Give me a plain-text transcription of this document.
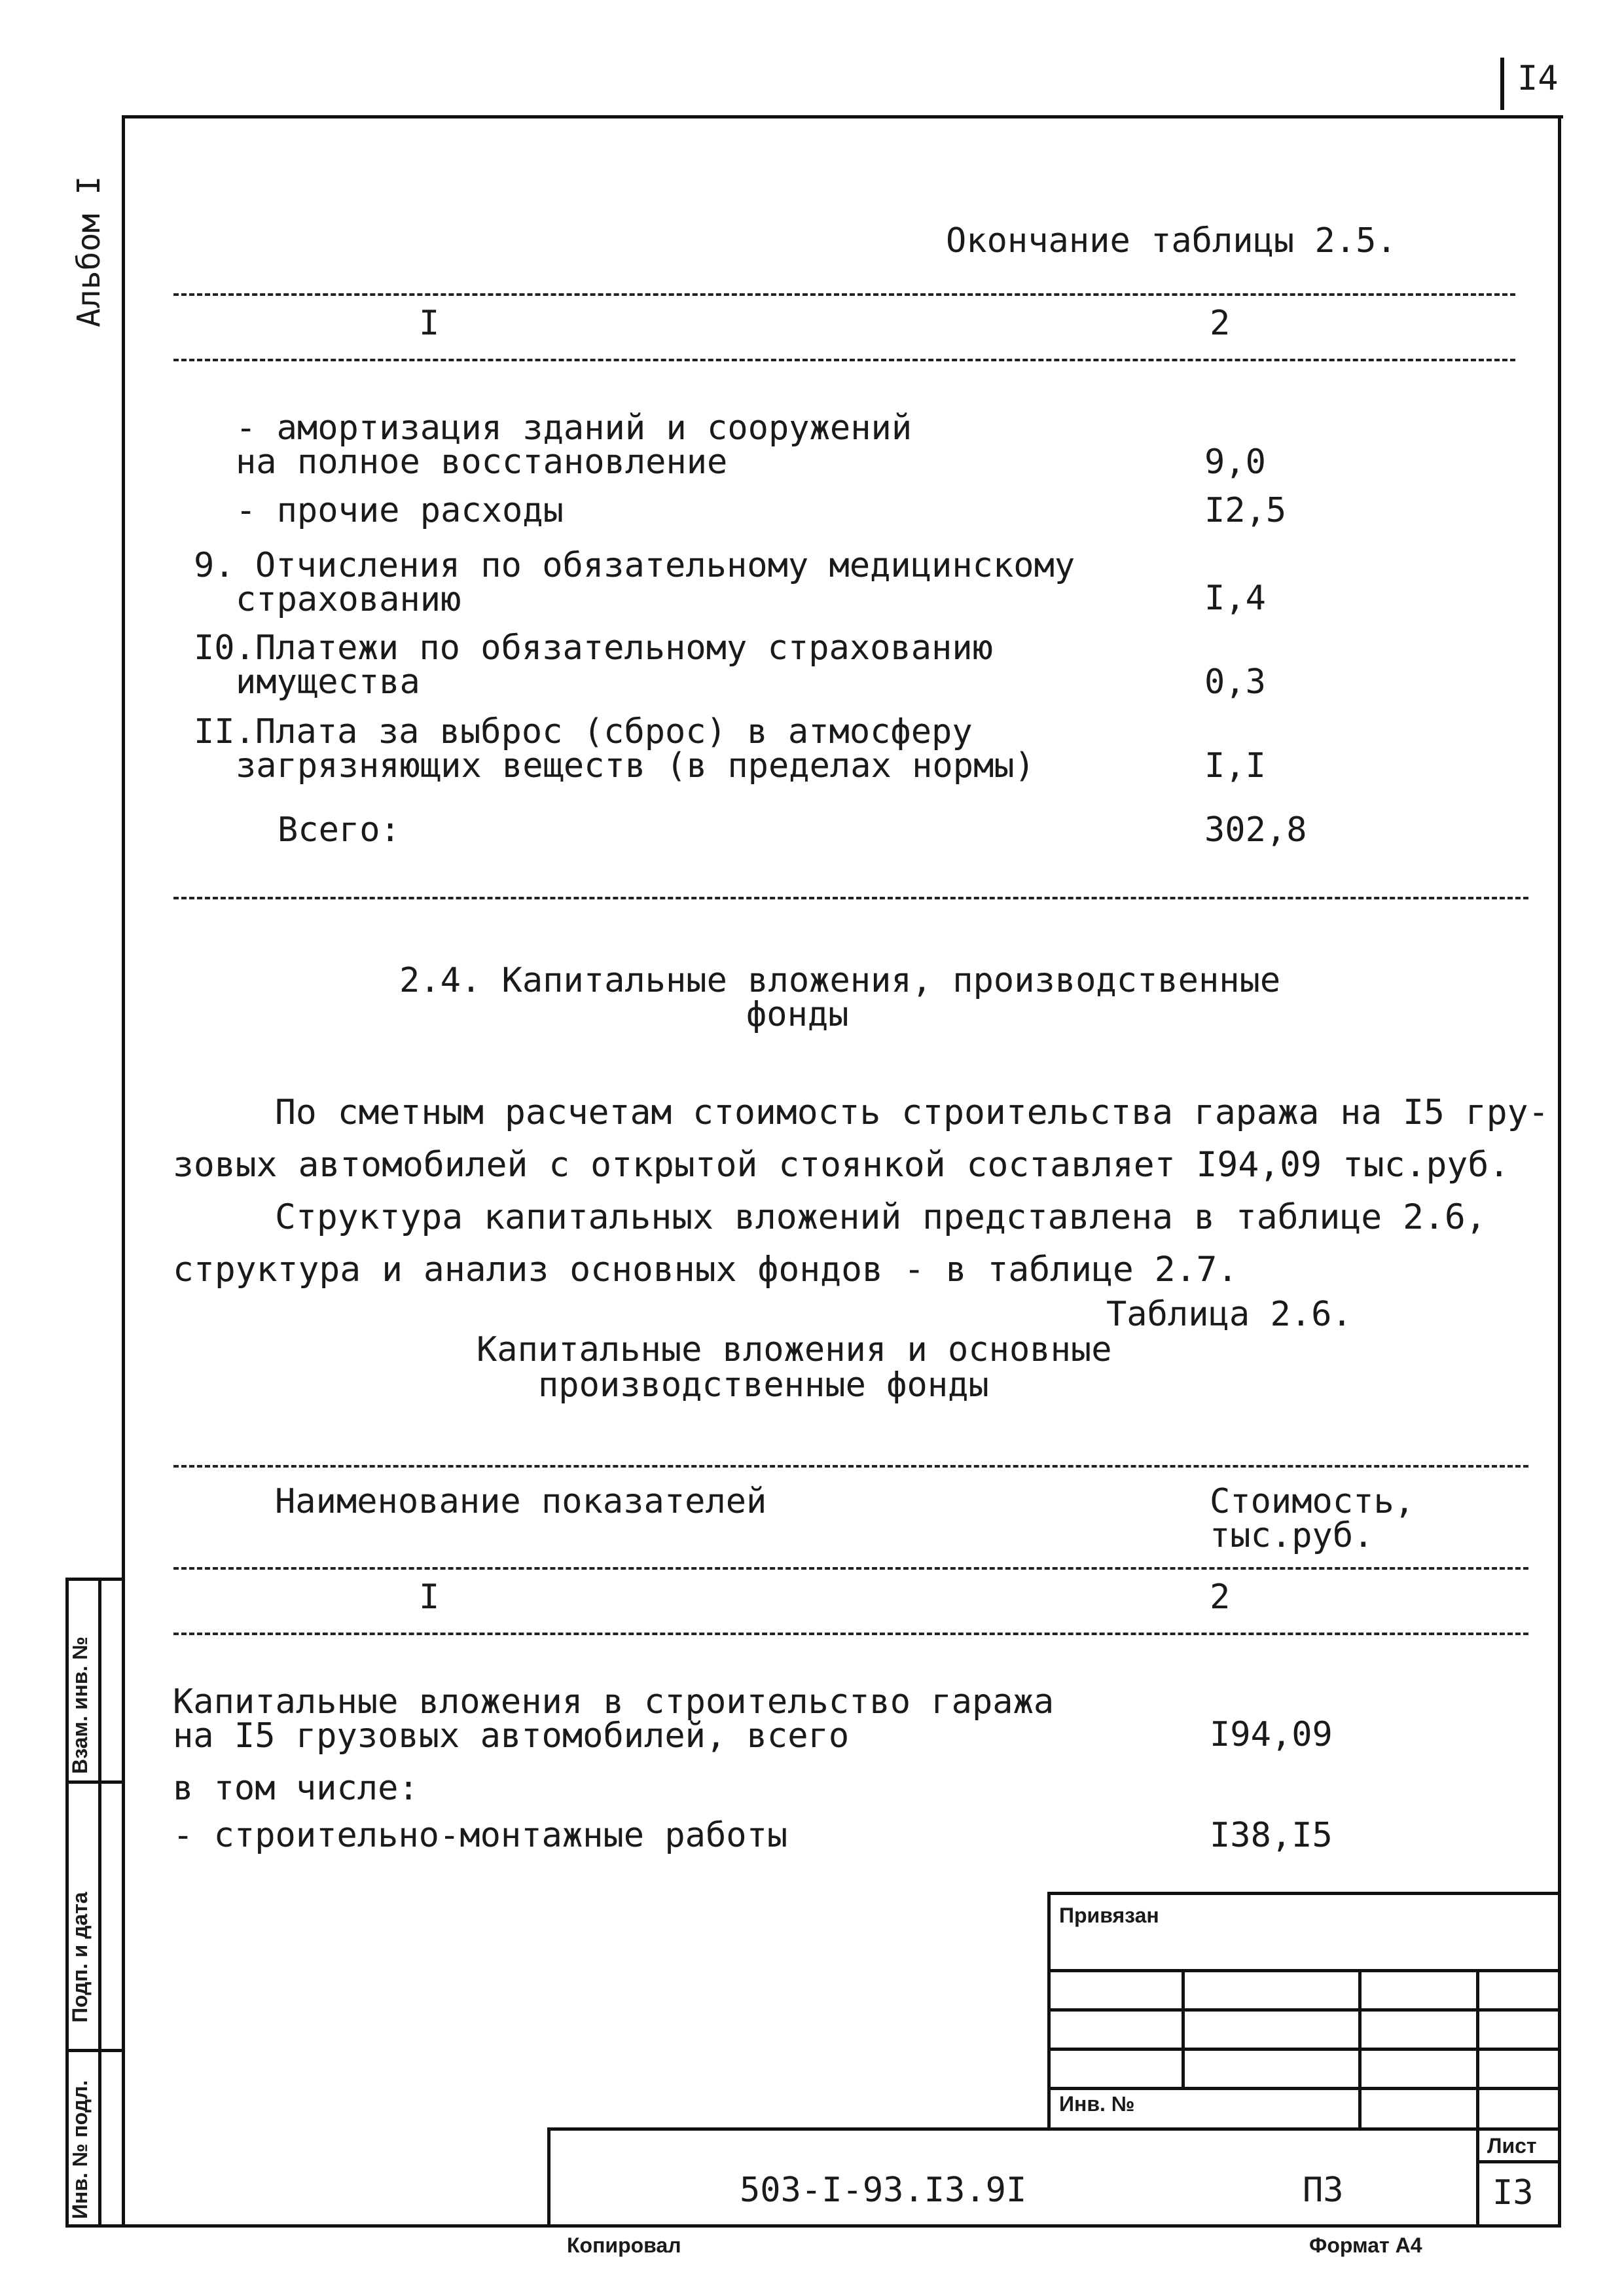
I4
Альбом I	Окончание таблицы 2.5.
I	2
- амортизация зданий и сооружений
на полное восстановление	9,0
- прочие расходы	I2,5
9. Отчисления по обязательному медицинскому
страхованию	I,4
I0.Платежи по обязательному страхованию
имущества	0,3
II.Плата за выброс (сброс) в атмосферу
загрязняющих веществ (в пределах нормы)	I,I
Всего:	302,8
2.4. Капитальные вложения, производственные
фонды
По сметным расчетам стоимость строительства гаража на I5 гру-
зовых автомобилей с открытой стоянкой составляет I94,09 тыс.руб.
Структура капитальных вложений представлена в таблице 2.6,
структура и анализ основных фондов - в таблице 2.7.
Таблица 2.6.
Капитальные вложения и основные
производственные фонды
Наименование показателей	Стоимость,
тыс.руб.
I	2
Капитальные вложения в строительство гаража
на I5 грузовых автомобилей, всего	I94,09
в том числе:
- строительно-монтажные работы	I38,I5
Привязан
Инв. №
503-I-93.I3.9I	ПЗ
Лист
I3
Копировал	Формат А4
Взам. инв. №
Подп. и дата
Инв. № подл.
